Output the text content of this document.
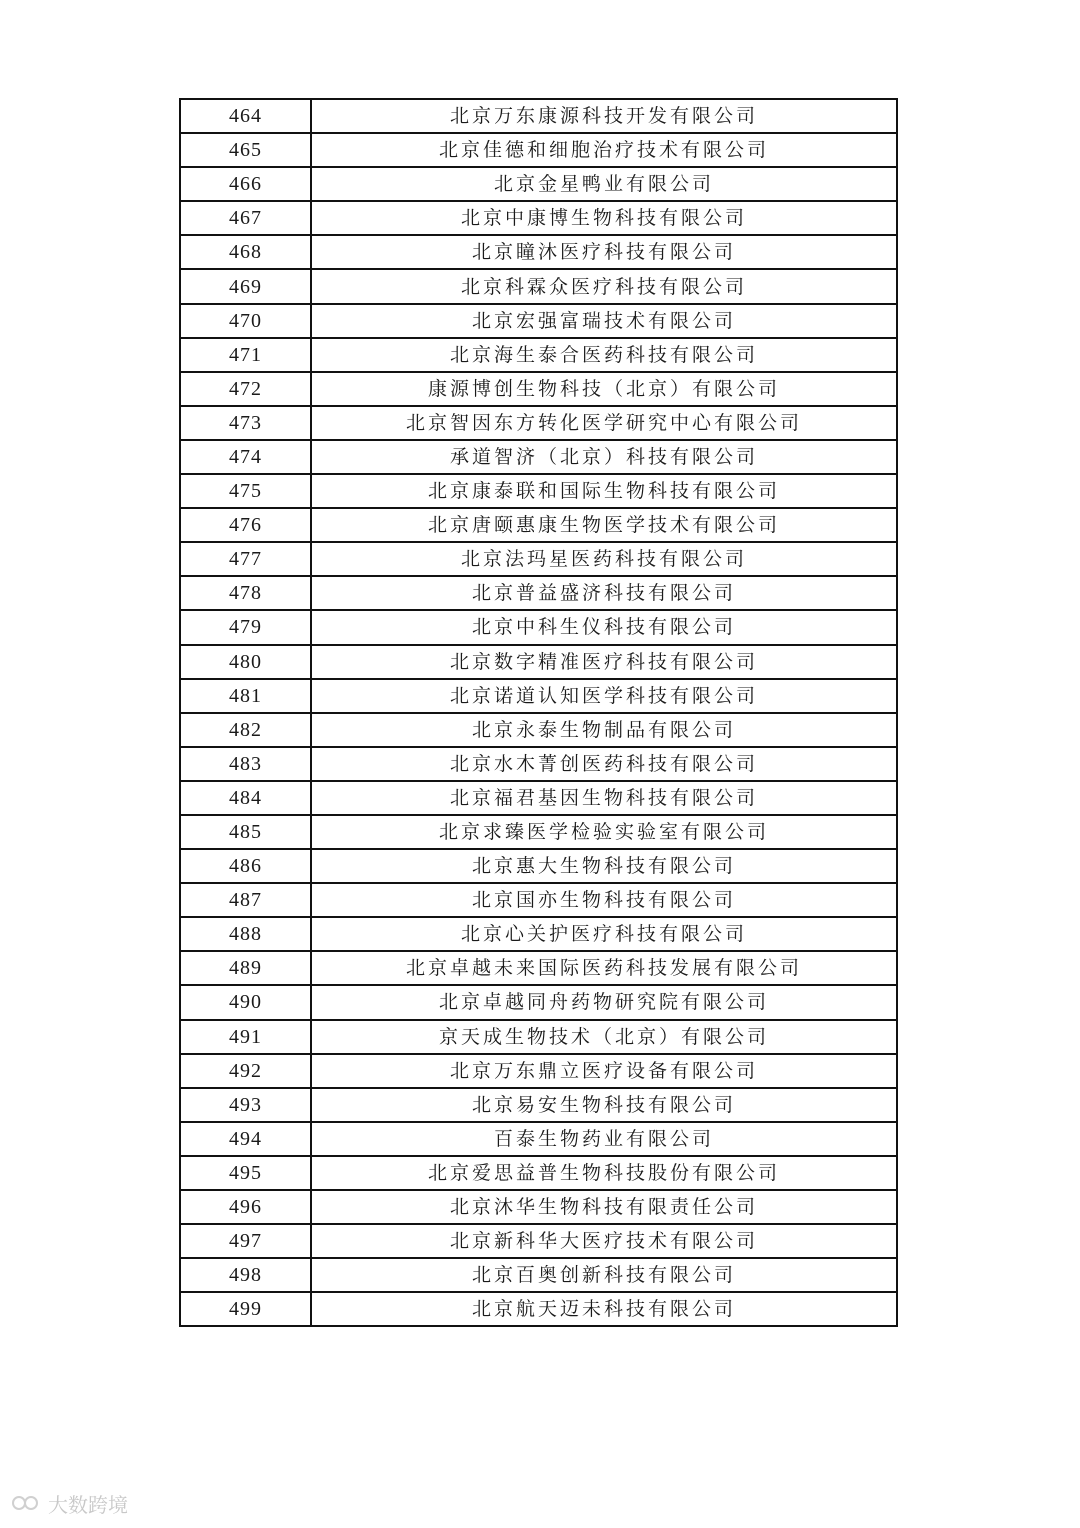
464	北京万东康源科技开发有限公司
465	北京佳德和细胞治疗技术有限公司
466	北京金星鸭业有限公司
467	北京中康博生物科技有限公司
468	北京瞳沐医疗科技有限公司
469	北京科霖众医疗科技有限公司
470	北京宏强富瑞技术有限公司
471	北京海生泰合医药科技有限公司
472	康源博创生物科技（北京）有限公司
473	北京智因东方转化医学研究中心有限公司
474	承道智济（北京）科技有限公司
475	北京康泰联和国际生物科技有限公司
476	北京唐颐惠康生物医学技术有限公司
477	北京法玛星医药科技有限公司
478	北京普益盛济科技有限公司
479	北京中科生仪科技有限公司
480	北京数字精准医疗科技有限公司
481	北京诺道认知医学科技有限公司
482	北京永泰生物制品有限公司
483	北京水木菁创医药科技有限公司
484	北京福君基因生物科技有限公司
485	北京求臻医学检验实验室有限公司
486	北京惠大生物科技有限公司
487	北京国亦生物科技有限公司
488	北京心关护医疗科技有限公司
489	北京卓越未来国际医药科技发展有限公司
490	北京卓越同舟药物研究院有限公司
491	京天成生物技术（北京）有限公司
492	北京万东鼎立医疗设备有限公司
493	北京易安生物科技有限公司
494	百泰生物药业有限公司
495	北京爱思益普生物科技股份有限公司
496	北京沐华生物科技有限责任公司
497	北京新科华大医疗技术有限公司
498	北京百奥创新科技有限公司
499	北京航天迈未科技有限公司
大数跨境
